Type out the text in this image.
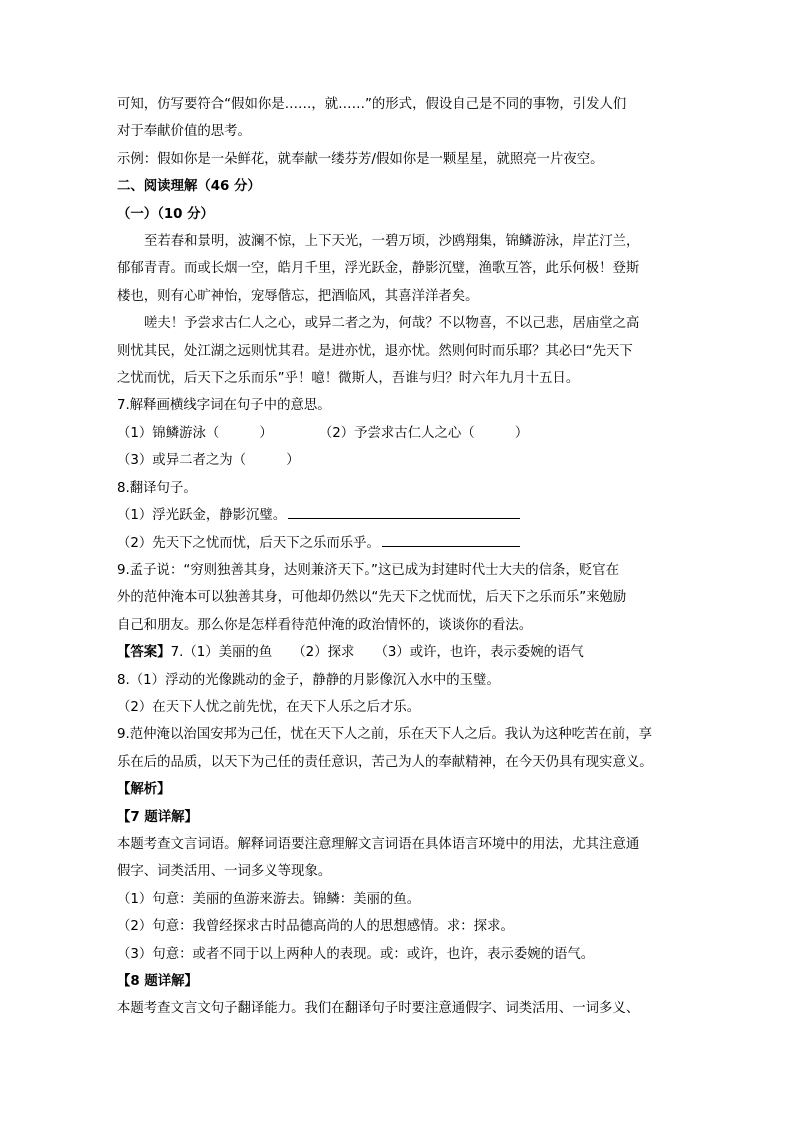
可知，仿写要符合“假如你是……，就……”的形式，假设自己是不同的事物，引发人们
对于奉献价值的思考。
示例：假如你是一朵鲜花，就奉献一缕芬芳/假如你是一颗星星，就照亮一片夜空。
二、阅读理解（46 分）
（一）（10 分）
至若春和景明，波澜不惊，上下天光，一碧万顷，沙鸥翔集，锦鳞游泳，岸芷汀兰，
郁郁青青。而或长烟一空，皓月千里，浮光跃金，静影沉璧，渔歌互答，此乐何极！登斯
楼也，则有心旷神怡，宠辱偕忘，把酒临风，其喜洋洋者矣。
嗟夫！予尝求古仁人之心，或异二者之为，何哉？不以物喜，不以己悲，居庙堂之高
则忧其民，处江湖之远则忧其君。是进亦忧，退亦忧。然则何时而乐耶？其必曰“先天下
之忧而忧，后天下之乐而乐”乎！噫！微斯人，吾谁与归？时六年九月十五日。
7.解释画横线字词在句子中的意思。
（1）锦鳞游泳（　　　）	（2）予尝求古仁人之心（　　　）
（3）或异二者之为（　　　）
8.翻译句子。
（1）浮光跃金，静影沉璧。
（2）先天下之忧而忧，后天下之乐而乐乎。
9.孟子说：“穷则独善其身，达则兼济天下。”这已成为封建时代士大夫的信条，贬官在
外的范仲淹本可以独善其身，可他却仍然以“先天下之忧而忧，后天下之乐而乐”来勉励
自己和朋友。那么你是怎样看待范仲淹的政治情怀的，谈谈你的看法。
【答案】7.（1）美丽的鱼　　（2）探求　　（3）或许，也许，表示委婉的语气
8.（1）浮动的光像跳动的金子，静静的月影像沉入水中的玉璧。
（2）在天下人忧之前先忧，在天下人乐之后才乐。
9.范仲淹以治国安邦为己任，忧在天下人之前，乐在天下人之后。我认为这种吃苦在前，享
乐在后的品质，以天下为己任的责任意识，苦己为人的奉献精神，在今天仍具有现实意义。
【解析】
【7 题详解】
本题考查文言词语。解释词语要注意理解文言词语在具体语言环境中的用法，尤其注意通
假字、词类活用、一词多义等现象。
（1）句意：美丽的鱼游来游去。锦鳞：美丽的鱼。
（2）句意：我曾经探求古时品德高尚的人的思想感情。求：探求。
（3）句意：或者不同于以上两种人的表现。或：或许，也许，表示委婉的语气。
【8 题详解】
本题考查文言文句子翻译能力。我们在翻译句子时要注意通假字、词类活用、一词多义、
